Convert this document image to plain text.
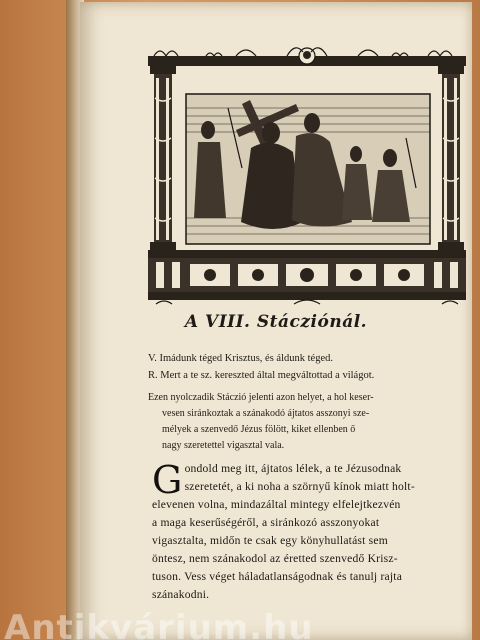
A VIII. Stácziónál.
V. Imádunk téged Krisztus, és áldunk téged.
R. Mert a te sz. kereszted által megváltottad a világot.
Ezen nyolczadik Stáczió jelenti azon helyet, a hol keser-
vesen siránkoztak a szánakodó ájtatos asszonyi sze-
mélyek a szenvedő Jézus fölött, kiket ellenben ő
nagy szeretettel vigasztal vala.
G ondold meg itt, ájtatos lélek, a te Jézusodnak
szeretetét, a ki noha a szörnyű kínok miatt holt-
elevenen volna, mindazáltal mintegy elfelejtkezvén
a maga keserűségéről, a siránkozó asszonyokat
vigasztalta, midőn te csak egy könyhullatást sem
öntesz, nem szánakodol az éretted szenvedő Krisz-
tuson. Vess véget háladatlanságodnak és tanulj rajta
szánakodni.
Antikvárium.hu
